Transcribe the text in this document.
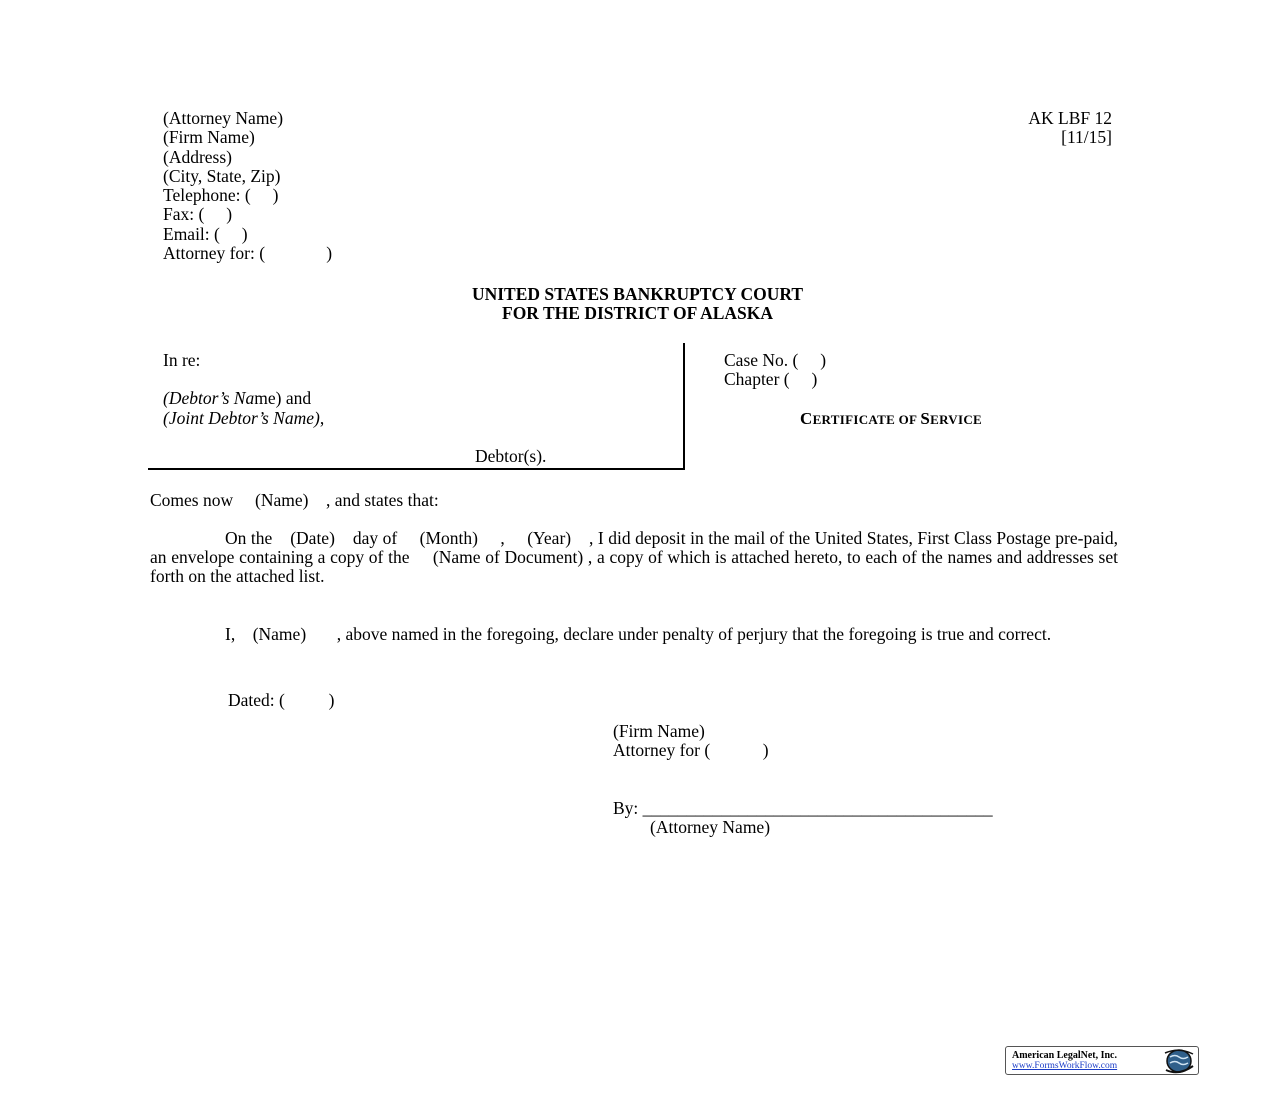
(Attorney Name)
(Firm Name)
(Address)
(City, State, Zip)
Telephone: (     )
Fax: (     )
Email: (     )
Attorney for: (              )
AK LBF 12
[11/15]
UNITED STATES BANKRUPTCY COURT
FOR THE DISTRICT OF ALASKA
In re:
(Debtor’s Name) and
(Joint Debtor’s Name),
Debtor(s).
Case No. (     )
Chapter (     )
CERTIFICATE OF SERVICE
Comes now     (Name)    , and states that:
On the    (Date)    day of     (Month)     ,     (Year)    , I did deposit in the mail of the United States, First Class Postage pre-paid, an envelope containing a copy of the     (Name of Document) , a copy of which is attached hereto, to each of the names and addresses set forth on the attached list.
I,    (Name)       , above named in the foregoing, declare under penalty of perjury that the foregoing is true and correct.
Dated: (          )
(Firm Name)
Attorney for (            )
By: ________________________________________
(Attorney Name)
American LegalNet, Inc.
www.FormsWorkFlow.com
